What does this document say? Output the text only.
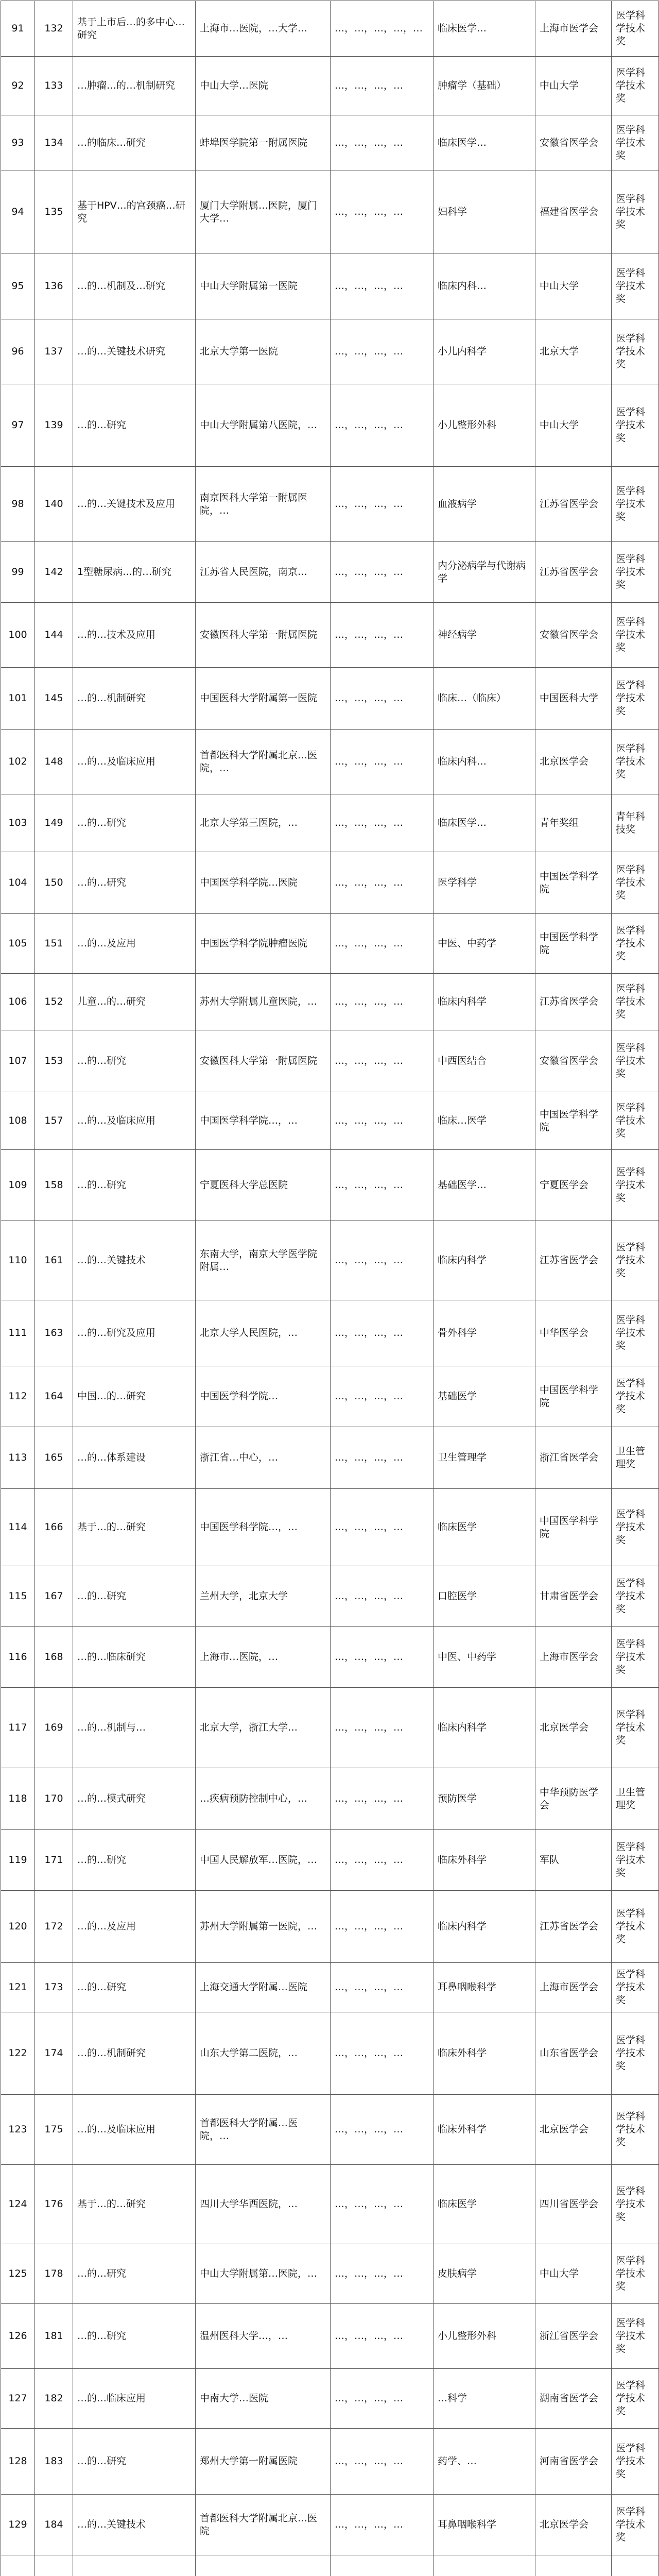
91	132	基于上市后…的多中心…研究	上海市…医院，…大学…	…，…，…，…，…	临床医学…	上海市医学会	医学科学技术奖
92	133	…肿瘤…的…机制研究	中山大学…医院	…，…，…，…	肿瘤学（基础）	中山大学	医学科学技术奖
93	134	…的临床…研究	蚌埠医学院第一附属医院	…，…，…，…	临床医学…	安徽省医学会	医学科学技术奖
94	135	基于HPV…的宫颈癌…研究	厦门大学附属…医院，厦门大学…	…，…，…，…	妇科学	福建省医学会	医学科学技术奖
95	136	…的…机制及…研究	中山大学附属第一医院	…，…，…，…	临床内科…	中山大学	医学科学技术奖
96	137	…的…关键技术研究	北京大学第一医院	…，…，…，…	小儿内科学	北京大学	医学科学技术奖
97	139	…的…研究	中山大学附属第八医院，…	…，…，…，…	小儿整形外科	中山大学	医学科学技术奖
98	140	…的…关键技术及应用	南京医科大学第一附属医院，…	…，…，…，…	血液病学	江苏省医学会	医学科学技术奖
99	142	1型糖尿病…的…研究	江苏省人民医院，南京…	…，…，…，…	内分泌病学与代谢病学	江苏省医学会	医学科学技术奖
100	144	…的…技术及应用	安徽医科大学第一附属医院	…，…，…，…	神经病学	安徽省医学会	医学科学技术奖
101	145	…的…机制研究	中国医科大学附属第一医院	…，…，…，…	临床…（临床）	中国医科大学	医学科学技术奖
102	148	…的…及临床应用	首都医科大学附属北京…医院，…	…，…，…，…	临床内科…	北京医学会	医学科学技术奖
103	149	…的…研究	北京大学第三医院，…	…，…，…，…	临床医学…	青年奖组	青年科技奖
104	150	…的…研究	中国医学科学院…医院	…，…，…，…	医学科学	中国医学科学院	医学科学技术奖
105	151	…的…及应用	中国医学科学院肿瘤医院	…，…，…，…	中医、中药学	中国医学科学院	医学科学技术奖
106	152	儿童…的…研究	苏州大学附属儿童医院，…	…，…，…，…	临床内科学	江苏省医学会	医学科学技术奖
107	153	…的…研究	安徽医科大学第一附属医院	…，…，…，…	中西医结合	安徽省医学会	医学科学技术奖
108	157	…的…及临床应用	中国医学科学院…，…	…，…，…，…	临床…医学	中国医学科学院	医学科学技术奖
109	158	…的…研究	宁夏医科大学总医院	…，…，…，…	基础医学…	宁夏医学会	医学科学技术奖
110	161	…的…关键技术	东南大学，南京大学医学院附属…	…，…，…，…	临床内科学	江苏省医学会	医学科学技术奖
111	163	…的…研究及应用	北京大学人民医院，…	…，…，…，…	骨外科学	中华医学会	医学科学技术奖
112	164	中国…的…研究	中国医学科学院…	…，…，…，…	基础医学	中国医学科学院	医学科学技术奖
113	165	…的…体系建设	浙江省…中心，…	…，…，…，…	卫生管理学	浙江省医学会	卫生管理奖
114	166	基于…的…研究	中国医学科学院…，…	…，…，…，…	临床医学	中国医学科学院	医学科学技术奖
115	167	…的…研究	兰州大学，北京大学	…，…，…，…	口腔医学	甘肃省医学会	医学科学技术奖
116	168	…的…临床研究	上海市…医院，…	…，…，…，…	中医、中药学	上海市医学会	医学科学技术奖
117	169	…的…机制与…	北京大学，浙江大学…	…，…，…，…	临床内科学	北京医学会	医学科学技术奖
118	170	…的…模式研究	…疾病预防控制中心，…	…，…，…，…	预防医学	中华预防医学会	卫生管理奖
119	171	…的…研究	中国人民解放军…医院，…	…，…，…，…	临床外科学	军队	医学科学技术奖
120	172	…的…及应用	苏州大学附属第一医院，…	…，…，…，…	临床内科学	江苏省医学会	医学科学技术奖
121	173	…的…研究	上海交通大学附属…医院	…，…，…，…	耳鼻咽喉科学	上海市医学会	医学科学技术奖
122	174	…的…机制研究	山东大学第二医院，…	…，…，…，…	临床外科学	山东省医学会	医学科学技术奖
123	175	…的…及临床应用	首都医科大学附属…医院，…	…，…，…，…	临床外科学	北京医学会	医学科学技术奖
124	176	基于…的…研究	四川大学华西医院，…	…，…，…，…	临床医学	四川省医学会	医学科学技术奖
125	178	…的…研究	中山大学附属第…医院，…	…，…，…，…	皮肤病学	中山大学	医学科学技术奖
126	181	…的…研究	温州医科大学…，…	…，…，…，…	小儿整形外科	浙江省医学会	医学科学技术奖
127	182	…的…临床应用	中南大学…医院	…，…，…，…	…科学	湖南省医学会	医学科学技术奖
128	183	…的…研究	郑州大学第一附属医院	…，…，…，…	药学、…	河南省医学会	医学科学技术奖
129	184	…的…关键技术	首都医科大学附属北京…医院	…，…，…，…	耳鼻咽喉科学	北京医学会	医学科学技术奖
